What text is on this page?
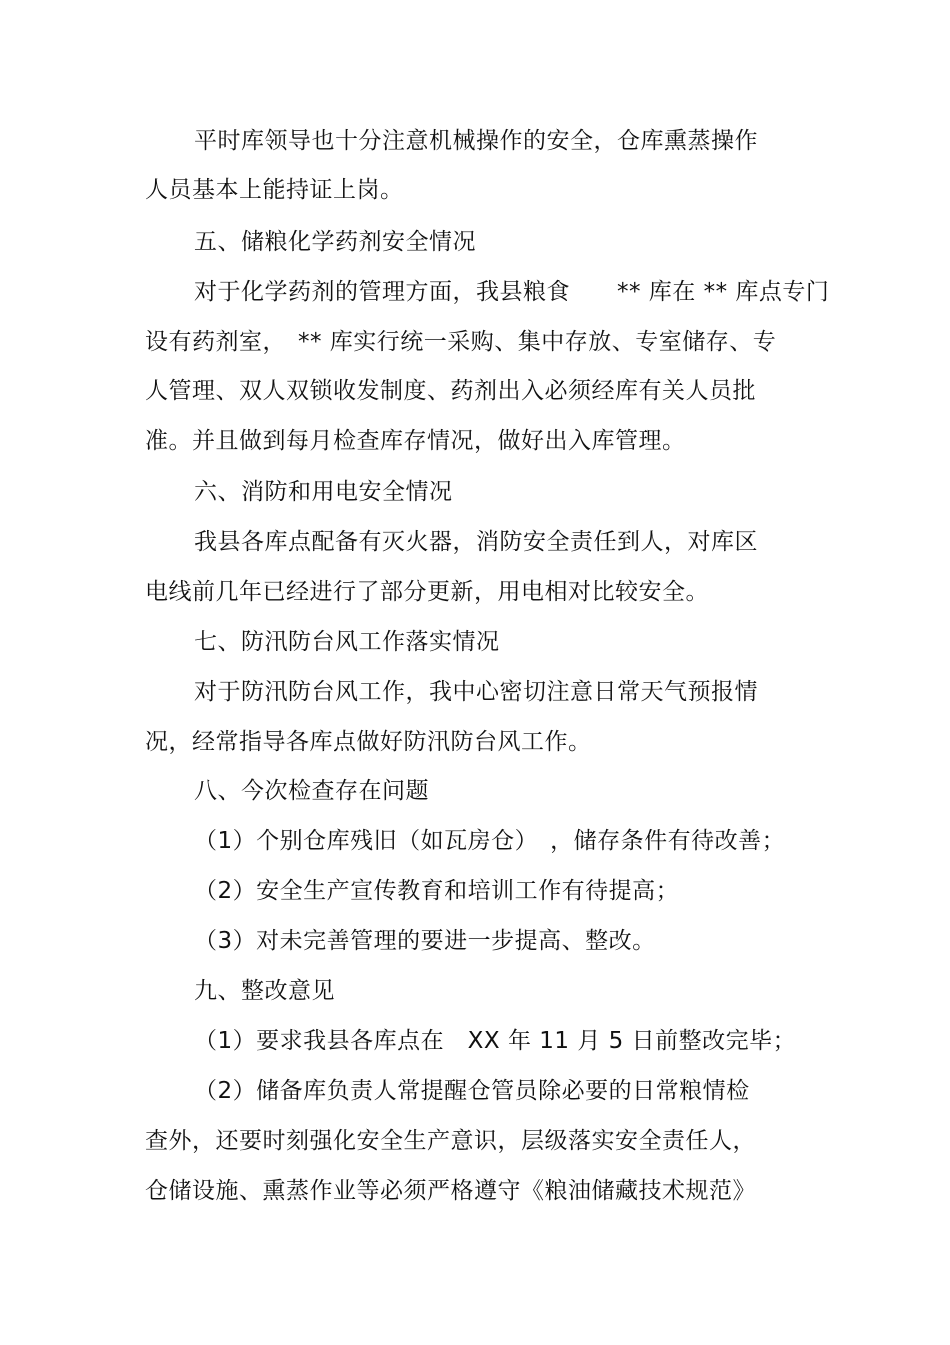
平时库领导也十分注意机械操作的安全，仓库熏蒸操作
人员基本上能持证上岗。
五、储粮化学药剂安全情况
对于化学药剂的管理方面，我县粮食　　** 库在 ** 库点专门
设有药剂室，　** 库实行统一采购、集中存放、专室储存、专
人管理、双人双锁收发制度、药剂出入必须经库有关人员批
准。并且做到每月检查库存情况，做好出入库管理。
六、消防和用电安全情况
我县各库点配备有灭火器，消防安全责任到人，对库区
电线前几年已经进行了部分更新，用电相对比较安全。
七、防汛防台风工作落实情况
对于防汛防台风工作，我中心密切注意日常天气预报情
况，经常指导各库点做好防汛防台风工作。
八、今次检查存在问题
（1）个别仓库残旧（如瓦房仓）　，储存条件有待改善；
（2）安全生产宣传教育和培训工作有待提高；
（3）对未完善管理的要进一步提高、整改。
九、整改意见
（1）要求我县各库点在　XX 年 11 月 5 日前整改完毕；
（2）储备库负责人常提醒仓管员除必要的日常粮情检
查外，还要时刻强化安全生产意识，层级落实安全责任人，
仓储设施、熏蒸作业等必须严格遵守《粮油储藏技术规范》
